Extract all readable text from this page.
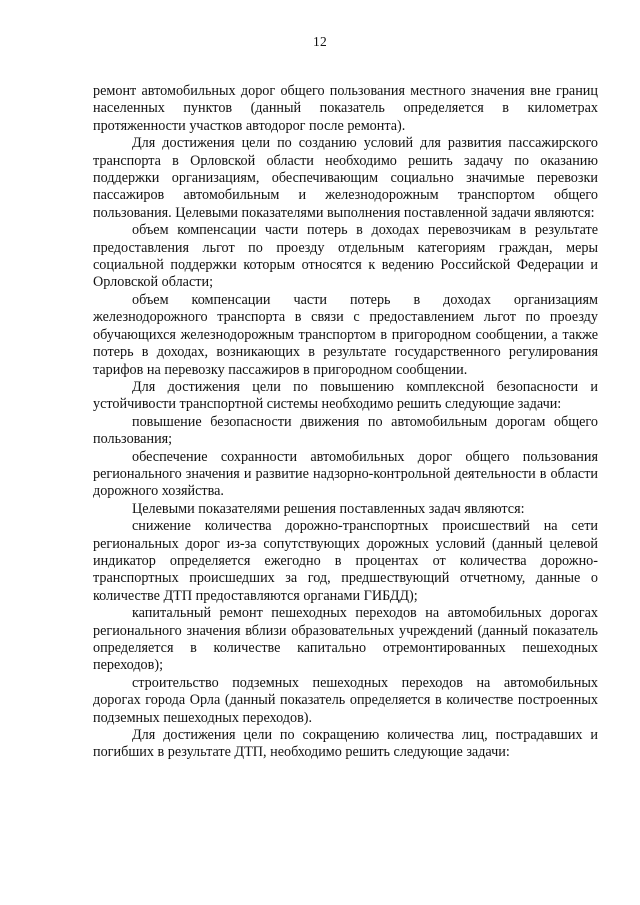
12

ремонт автомобильных дорог общего пользования местного значения вне границ населенных пунктов (данный показатель определяется в километрах протяженности участков автодорог после ремонта).

Для достижения цели по созданию условий для развития пассажирского транспорта в Орловской области необходимо решить задачу по оказанию поддержки организациям, обеспечивающим социально значимые перевозки пассажиров автомобильным и железнодорожным транспортом общего пользования. Целевыми показателями выполнения поставленной задачи являются:

объем компенсации части потерь в доходах перевозчикам в результате предоставления льгот по проезду отдельным категориям граждан, меры социальной поддержки которым относятся к ведению Российской Федерации и Орловской области;

объем компенсации части потерь в доходах организациям железнодорожного транспорта в связи с предоставлением льгот по проезду обучающихся железнодорожным транспортом в пригородном сообщении, а также потерь в доходах, возникающих в результате государственного регулирования тарифов на перевозку пассажиров в пригородном сообщении.

Для достижения цели по повышению комплексной безопасности и устойчивости транспортной системы необходимо решить следующие задачи:

повышение безопасности движения по автомобильным дорогам общего пользования;

обеспечение сохранности автомобильных дорог общего пользования регионального значения и развитие надзорно-контрольной деятельности в области дорожного хозяйства.

Целевыми показателями решения поставленных задач являются:

снижение количества дорожно-транспортных происшествий на сети региональных дорог из-за сопутствующих дорожных условий (данный целевой индикатор определяется ежегодно в процентах от количества дорожно-транспортных происшедших за год, предшествующий отчетному, данные о количестве ДТП предоставляются органами ГИБДД);

капитальный ремонт пешеходных переходов на автомобильных дорогах регионального значения вблизи образовательных учреждений (данный показатель определяется в количестве капитально отремонтированных пешеходных переходов);

строительство подземных пешеходных переходов на автомобильных дорогах города Орла (данный показатель определяется в количестве построенных подземных пешеходных переходов).

Для достижения цели по сокращению количества лиц, пострадавших и погибших в результате ДТП, необходимо решить следующие задачи:
